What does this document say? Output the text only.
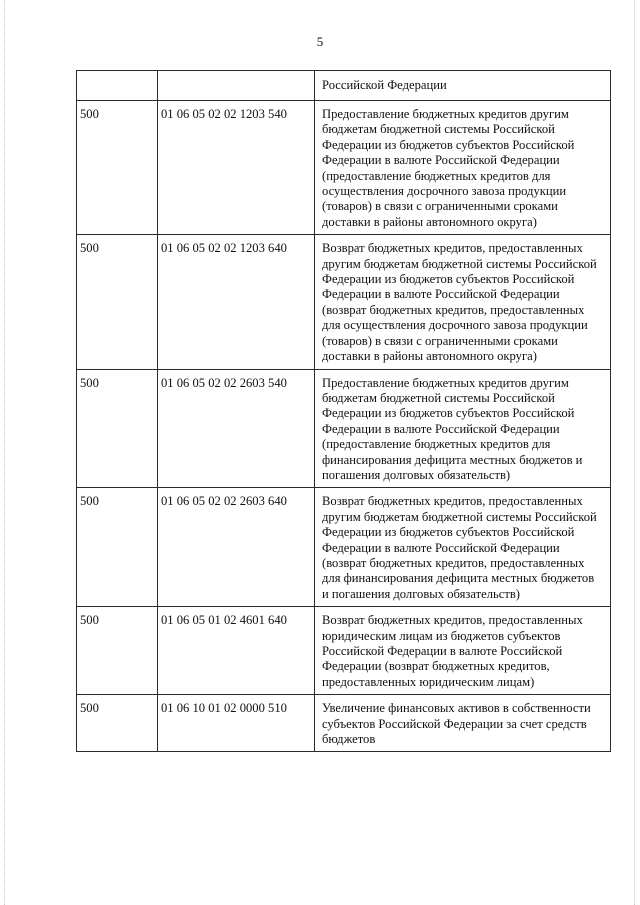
5
		Российской Федерации
500	01 06 05 02 02 1203 540	Предоставление бюджетных кредитов другим бюджетам бюджетной системы Российской Федерации из бюджетов субъектов Российской Федерации в валюте Российской Федерации (предоставление бюджетных кредитов для осуществления досрочного завоза продукции (товаров) в связи с ограниченными сроками доставки в районы автономного округа)
500	01 06 05 02 02 1203 640	Возврат бюджетных кредитов, предоставленных другим бюджетам бюджетной системы Российской Федерации из бюджетов субъектов Российской Федерации в валюте Российской Федерации (возврат бюджетных кредитов, предоставленных для осуществления досрочного завоза продукции (товаров) в связи с ограниченными сроками доставки в районы автономного округа)
500	01 06 05 02 02 2603 540	Предоставление бюджетных кредитов другим бюджетам бюджетной системы Российской Федерации из бюджетов субъектов Российской Федерации в валюте Российской Федерации (предоставление бюджетных кредитов для финансирования дефицита местных бюджетов и погашения долговых обязательств)
500	01 06 05 02 02 2603 640	Возврат бюджетных кредитов, предоставленных другим бюджетам бюджетной системы Российской Федерации из бюджетов субъектов Российской Федерации в валюте Российской Федерации (возврат бюджетных кредитов, предоставленных для финансирования дефицита местных бюджетов и погашения долговых обязательств)
500	01 06 05 01 02 4601 640	Возврат бюджетных кредитов, предоставленных юридическим лицам из бюджетов субъектов Российской Федерации в валюте Российской Федерации (возврат бюджетных кредитов, предоставленных юридическим лицам)
500	01 06 10 01 02 0000 510	Увеличение финансовых активов в собственности субъектов Российской Федерации за счет средств бюджетов
